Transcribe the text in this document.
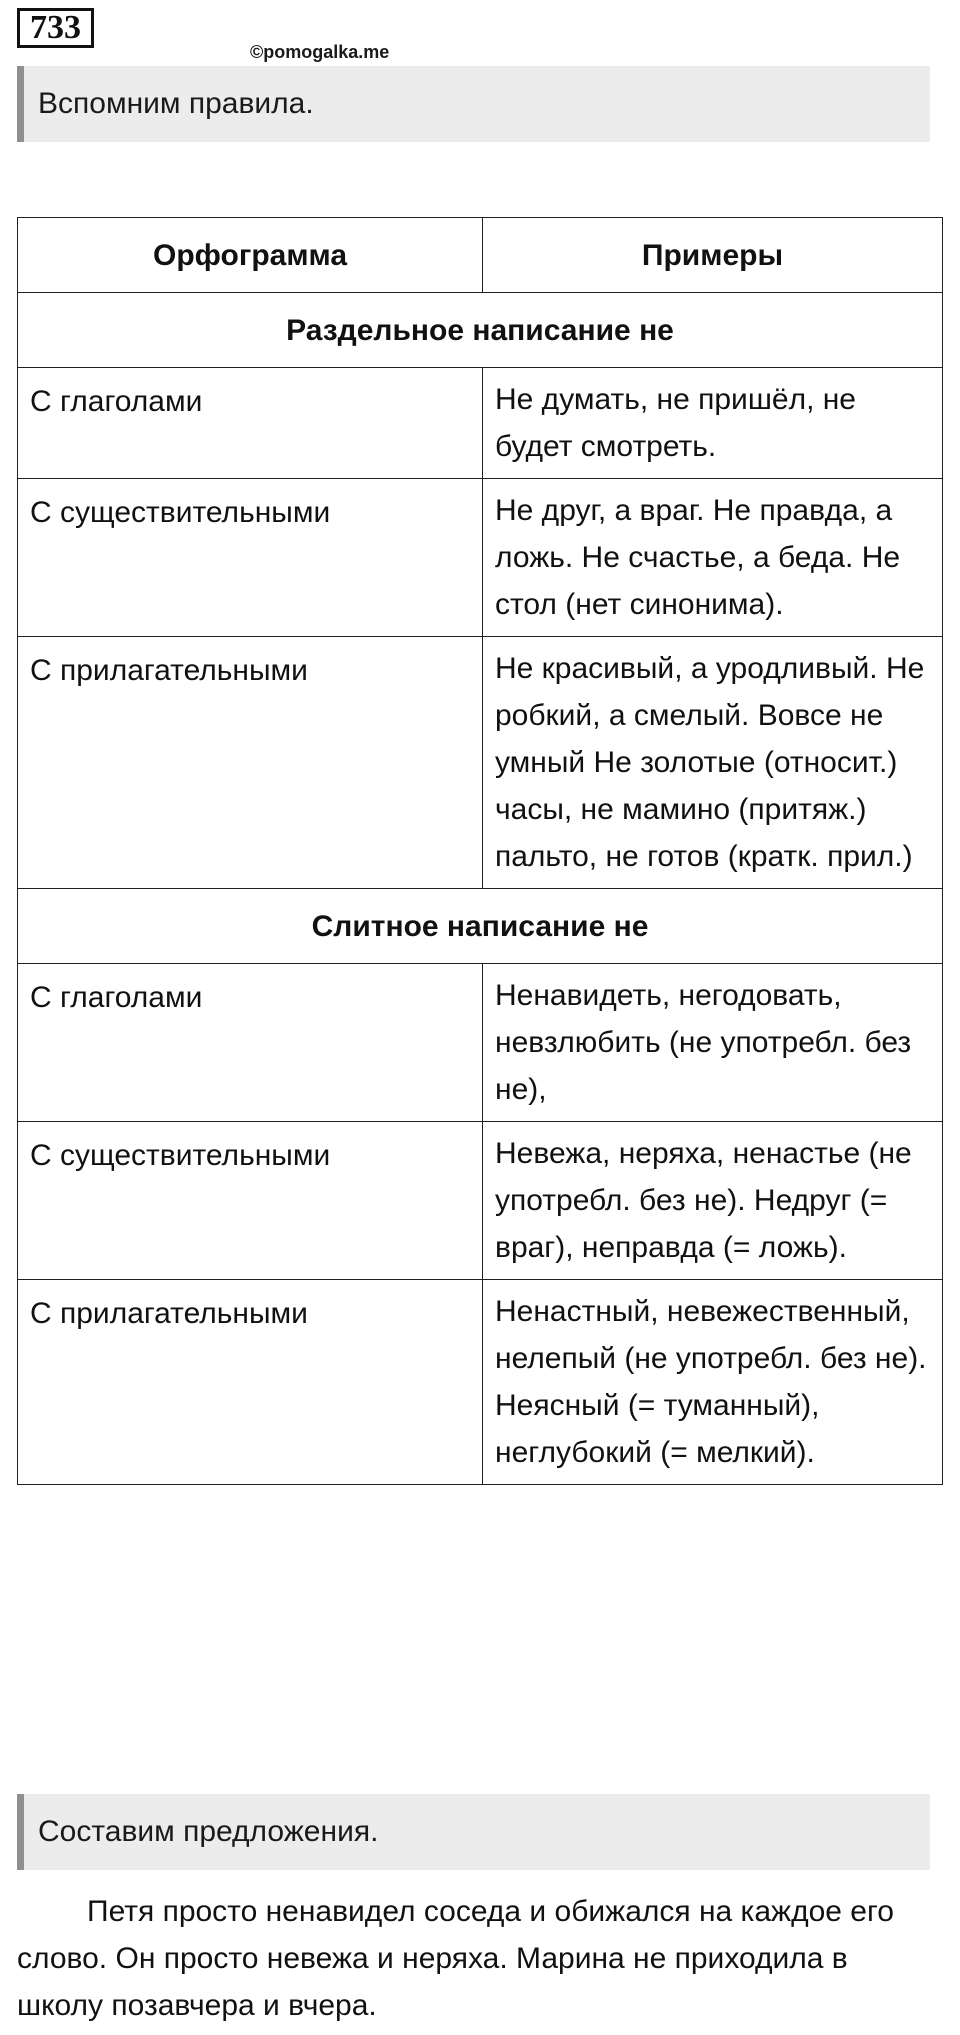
733
©pomogalka.me
Вспомним правила.
Орфограмма	Примеры
Раздельное написание не	
С глаголами	Не думать, не пришёл, не будет смотреть.
С существительными	Не друг, а враг. Не правда, а ложь. Не счастье, а беда. Не стол (нет синонима).
С прилагательными	Не красивый, а уродливый. Не робкий, а смелый. Вовсе не умный Не золотые (относит.) часы, не мамино (притяж.) пальто, не готов (кратк. прил.)
Слитное написание не	
С глаголами	Ненавидеть, негодовать, невзлюбить (не употребл. без не),
С существительными	Невежа, неряха, ненастье (не употребл. без не). Недруг (= враг), неправда (= ложь).
С прилагательными	Ненастный, невежественный, нелепый (не употребл. без не). Неясный (= туманный), неглубокий (= мелкий).
Составим предложения.

Петя просто ненавидел соседа и обижался на каждое его слово. Он просто невежа и неряха. Марина не приходила в школу позавчера и вчера.
